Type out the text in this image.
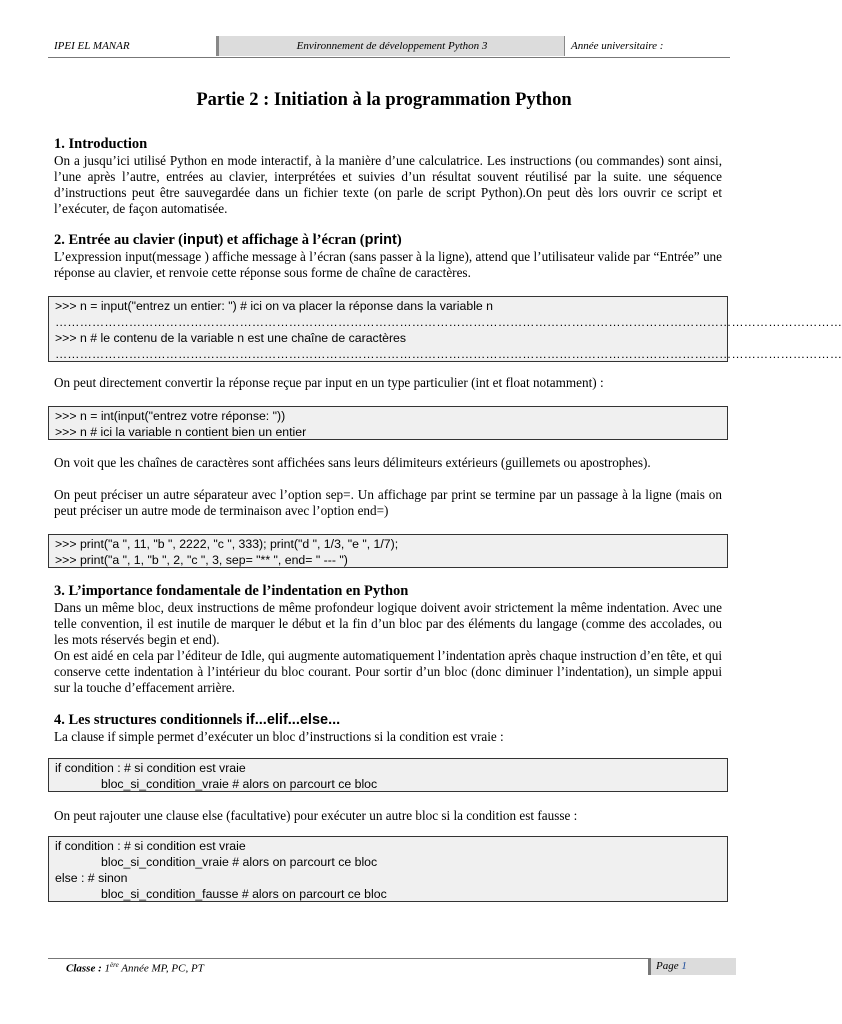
IPEI EL MANAR	Environnement de développement Python 3	Année universitaire :
Partie 2 : Initiation à la programmation Python
1. Introduction

On a jusqu’ici utilisé Python en mode interactif, à la manière d’une calculatrice. Les instructions (ou commandes) sont ainsi, l’une après l’autre, entrées au clavier, interprétées et suivies d’un résultat souvent réutilisé par la suite. une séquence d’instructions peut être sauvegardée dans un fichier texte (on parle de script Python).On peut dès lors ouvrir ce script et l’exécuter, de façon automatisée.

2. Entrée au clavier (input) et affichage à l’écran (print)

L’expression input(message ) affiche message à l’écran (sans passer à la ligne), attend que l’utilisateur valide par “Entrée” une réponse au clavier, et renvoie cette réponse sous forme de chaîne de caractères.

>>> n = input("entrez un entier: ") # ici on va placer la réponse dans la variable n
…………………………………………………………………………………………………………………………………………………………………………
>>> n # le contenu de la variable n est une chaîne de caractères
…………………………………………………………………………………………………………………………………………………………………………

On peut directement convertir la réponse reçue par input en un type particulier (int et float notamment) :

>>> n = int(input("entrez votre réponse: "))
>>> n # ici la variable n contient bien un entier

On voit que les chaînes de caractères sont affichées sans leurs délimiteurs extérieurs (guillemets ou apostrophes).

On peut préciser un autre séparateur avec l’option sep=. Un affichage par print se termine par un passage à la ligne (mais on peut préciser un autre mode de terminaison avec l’option end=)

>>> print("a ", 11, "b ", 2222, "c ", 333); print("d ", 1/3, "e ", 1/7);
>>> print("a ", 1, "b ", 2, "c ", 3, sep= "** ", end= " --- ")
3. L’importance fondamentale de l’indentation en Python

Dans un même bloc, deux instructions de même profondeur logique doivent avoir strictement la même indentation. Avec une telle convention, il est inutile de marquer le début et la fin d’un bloc par des éléments du langage (comme des accolades, ou les mots réservés begin et end).

On est aidé en cela par l’éditeur de Idle, qui augmente automatiquement l’indentation après chaque instruction d’en tête, et qui conserve cette indentation à l’intérieur du bloc courant. Pour sortir d’un bloc (donc diminuer l’indentation), un simple appui sur la touche d’effacement arrière.

4. Les structures conditionnels if...elif...else...

La clause if simple permet d’exécuter un bloc d’instructions si la condition est vraie :

if condition : # si condition est vraie
bloc_si_condition_vraie # alors on parcourt ce bloc

On peut rajouter une clause else (facultative) pour exécuter un autre bloc si la condition est fausse :

if condition : # si condition est vraie
bloc_si_condition_vraie # alors on parcourt ce bloc
else : # sinon
bloc_si_condition_fausse # alors on parcourt ce bloc
Classe : 1ère Année MP, PC, PT	Page 1
